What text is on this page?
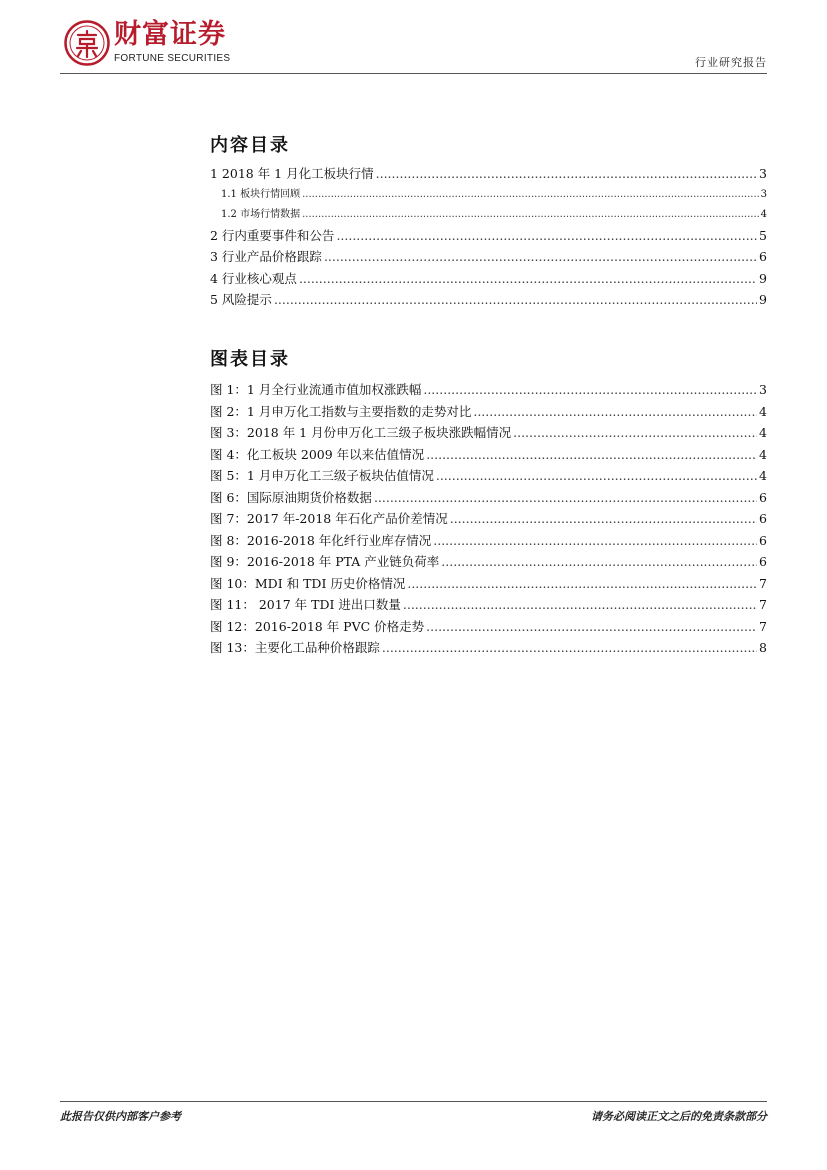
财富证券
FORTUNE SECURITIES	行业研究报告
内容目录
1 2018 年 1 月化工板块行情 .....	3
1.1 板块行情回顾 .....	3
1.2 市场行情数据 .....	4
2 行内重要事件和公告 .....	5
3 行业产品价格跟踪 .....	6
4 行业核心观点 .....	9
5 风险提示 .....	9
图表目录
图 1：1 月全行业流通市值加权涨跌幅 .....	3
图 2：1 月申万化工指数与主要指数的走势对比 .....	4
图 3：2018 年 1 月份申万化工三级子板块涨跌幅情况 .....	4
图 4：化工板块 2009 年以来估值情况 .....	4
图 5：1 月申万化工三级子板块估值情况 .....	4
图 6：国际原油期货价格数据 .....	6
图 7：2017 年-2018 年石化产品价差情况 .....	6
图 8：2016-2018 年化纤行业库存情况 .....	6
图 9：2016-2018 年 PTA 产业链负荷率 .....	6
图 10：MDI 和 TDI 历史价格情况 .....	7
图 11： 2017 年 TDI 进出口数量 .....	7
图 12：2016-2018 年 PVC 价格走势 .....	7
图 13：主要化工品种价格跟踪 .....	8
此报告仅供内部客户参考	请务必阅读正文之后的免责条款部分
